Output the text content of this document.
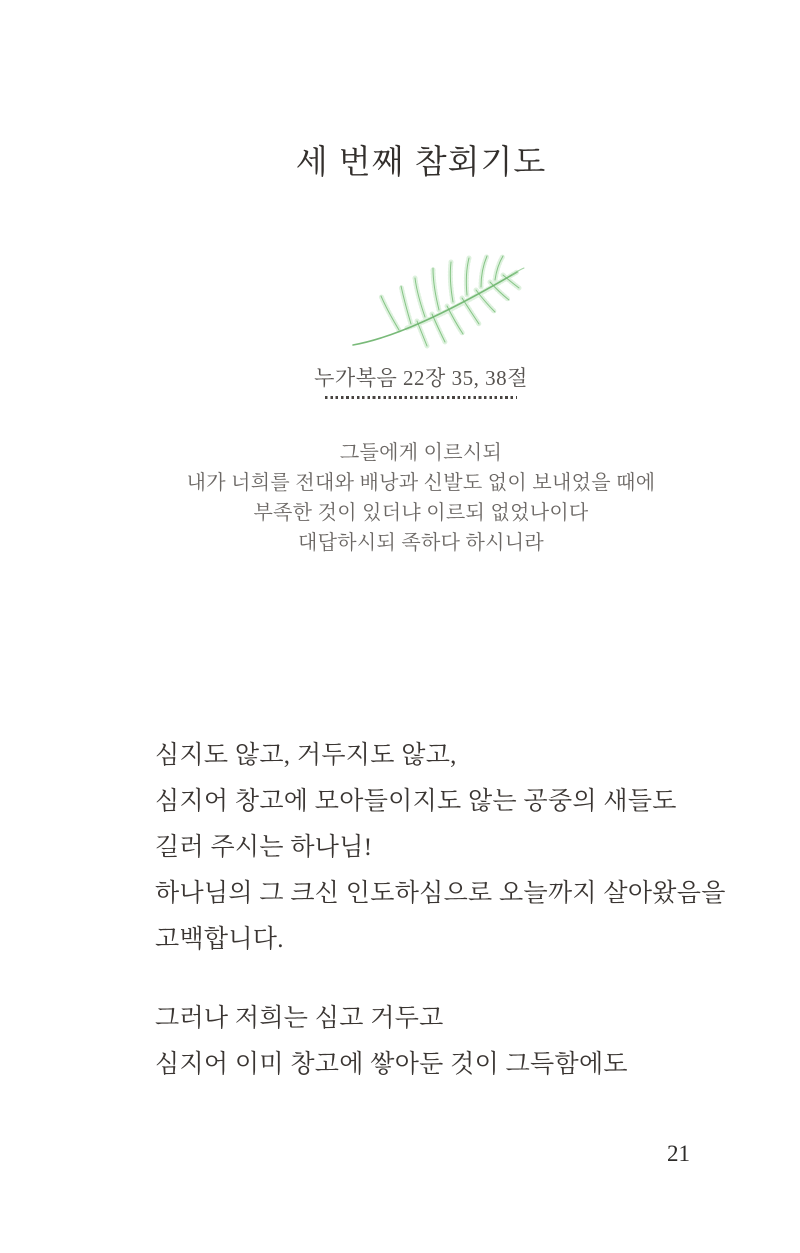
세 번째 참회기도
누가복음 22장 35, 38절
그들에게 이르시되
내가 너희를 전대와 배낭과 신발도 없이 보내었을 때에
부족한 것이 있더냐 이르되 없었나이다
대답하시되 족하다 하시니라
심지도 않고, 거두지도 않고,
심지어 창고에 모아들이지도 않는 공중의 새들도
길러 주시는 하나님!
하나님의 그 크신 인도하심으로 오늘까지 살아왔음을
고백합니다.
그러나 저희는 심고 거두고
심지어 이미 창고에 쌓아둔 것이 그득함에도
21
